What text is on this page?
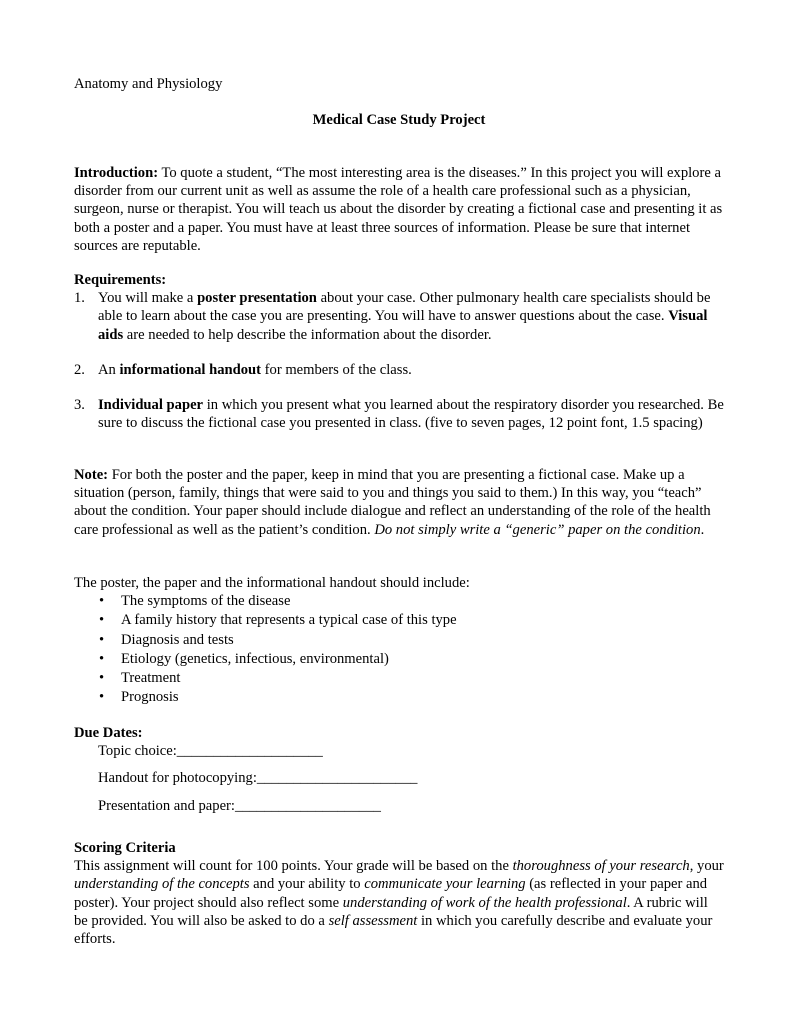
Anatomy and Physiology

Medical Case Study Project

Introduction: To quote a student, “The most interesting area is the diseases.” In this project you will explore a disorder from our current unit as well as assume the role of a health care professional such as a physician, surgeon, nurse or therapist. You will teach us about the disorder by creating a fictional case and presenting it as both a poster and a paper. You must have at least three sources of information. Please be sure that internet sources are reputable.

Requirements:

1. You will make a poster presentation about your case. Other pulmonary health care specialists should be able to learn about the case you are presenting. You will have to answer questions about the case. Visual aids are needed to help describe the information about the disorder.
2. An informational handout for members of the class.
3. Individual paper in which you present what you learned about the respiratory disorder you researched. Be sure to discuss the fictional case you presented in class. (five to seven pages, 12 point font, 1.5 spacing)

Note: For both the poster and the paper, keep in mind that you are presenting a fictional case. Make up a situation (person, family, things that were said to you and things you said to them.) In this way, you “teach” about the condition. Your paper should include dialogue and reflect an understanding of the role of the health care professional as well as the patient’s condition. Do not simply write a “generic” paper on the condition.

The poster, the paper and the informational handout should include:

• The symptoms of the disease
• A family history that represents a typical case of this type
• Diagnosis and tests
• Etiology (genetics, infectious, environmental)
• Treatment
• Prognosis

Due Dates:

Topic choice:____________________

Handout for photocopying:______________________

Presentation and paper:____________________

Scoring Criteria

This assignment will count for 100 points. Your grade will be based on the thoroughness of your research, your understanding of the concepts and your ability to communicate your learning (as reflected in your paper and poster). Your project should also reflect some understanding of work of the health professional. A rubric will be provided. You will also be asked to do a self assessment in which you carefully describe and evaluate your efforts.
